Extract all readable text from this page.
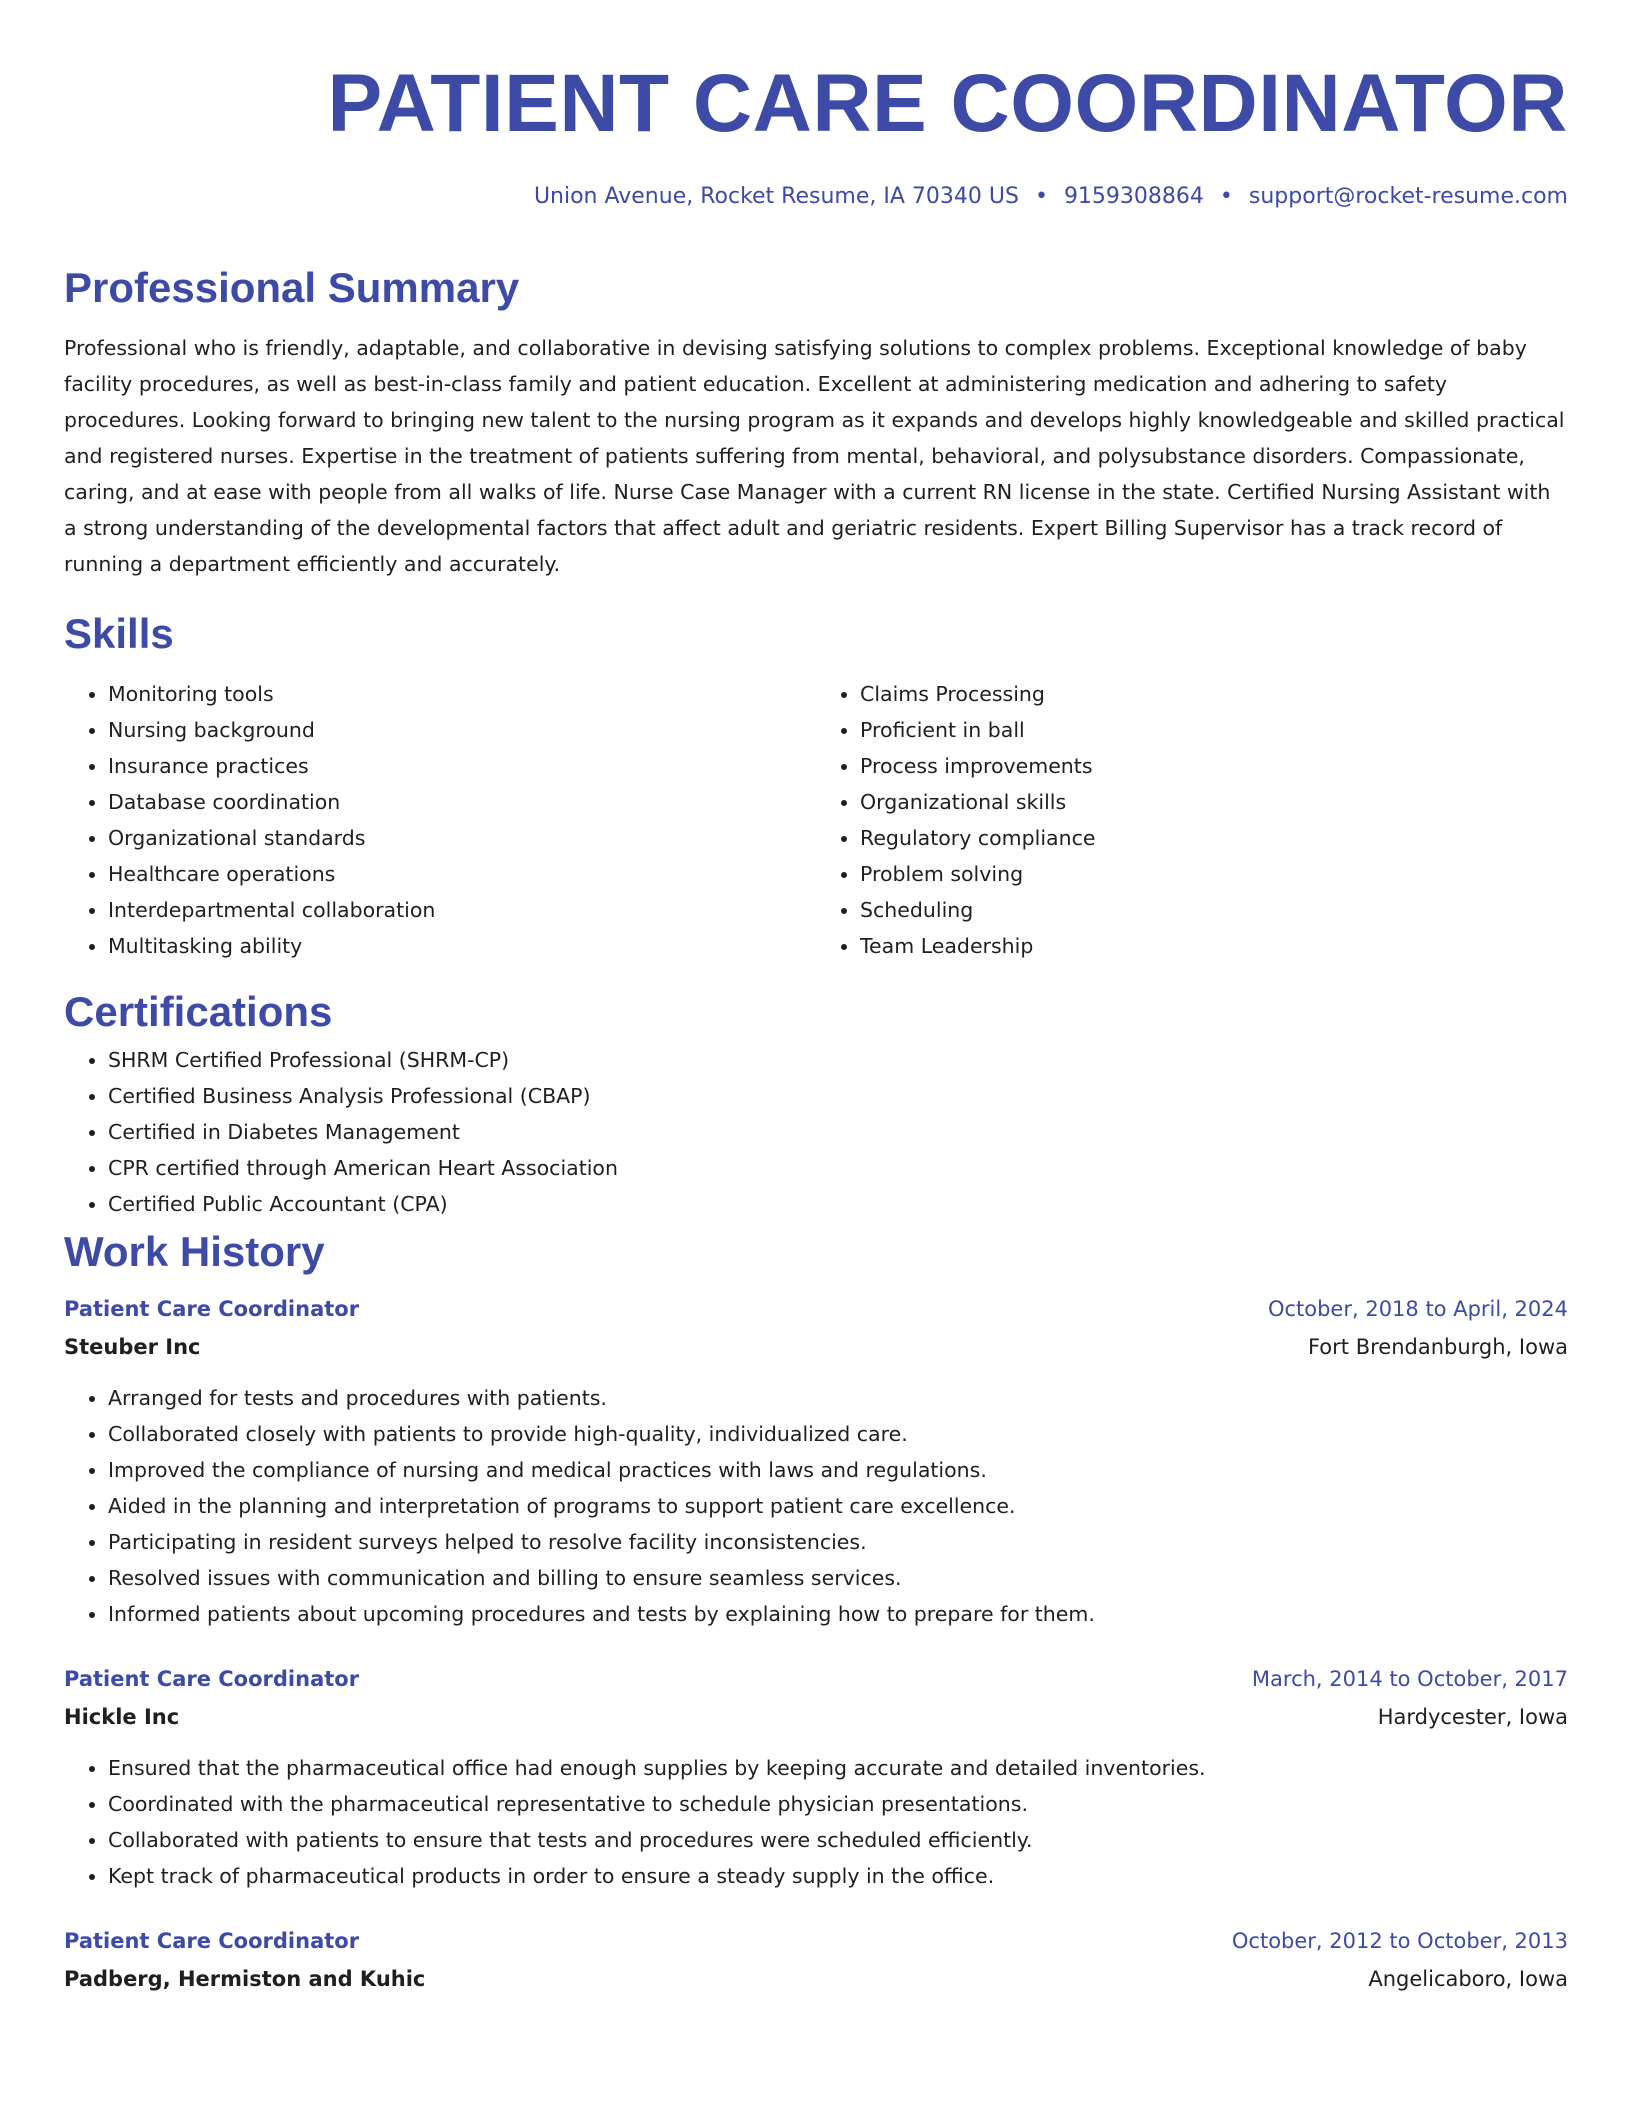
PATIENT CARE COORDINATOR
Union Avenue, Rocket Resume, IA 70340 US • 9159308864 • support@rocket-resume.com
Professional Summary

Professional who is friendly, adaptable, and collaborative in devising satisfying solutions to complex problems. Exceptional knowledge of baby facility procedures, as well as best-in-class family and patient education. Excellent at administering medication and adhering to safety procedures. Looking forward to bringing new talent to the nursing program as it expands and develops highly knowledgeable and skilled practical and registered nurses. Expertise in the treatment of patients suffering from mental, behavioral, and polysubstance disorders. Compassionate, caring, and at ease with people from all walks of life. Nurse Case Manager with a current RN license in the state. Certified Nursing Assistant with a strong understanding of the developmental factors that affect adult and geriatric residents. Expert Billing Supervisor has a track record of running a department efficiently and accurately.

Skills
• Monitoring tools
• Nursing background
• Insurance practices
• Database coordination
• Organizational standards
• Healthcare operations
• Interdepartmental collaboration
• Multitasking ability
• Claims Processing
• Proficient in ball
• Process improvements
• Organizational skills
• Regulatory compliance
• Problem solving
• Scheduling
• Team Leadership
Certifications
• SHRM Certified Professional (SHRM-CP)
• Certified Business Analysis Professional (CBAP)
• Certified in Diabetes Management
• CPR certified through American Heart Association
• Certified Public Accountant (CPA)
Work History
Patient Care Coordinator	October, 2018 to April, 2024
Steuber Inc	Fort Brendanburgh, Iowa
• Arranged for tests and procedures with patients.
• Collaborated closely with patients to provide high-quality, individualized care.
• Improved the compliance of nursing and medical practices with laws and regulations.
• Aided in the planning and interpretation of programs to support patient care excellence.
• Participating in resident surveys helped to resolve facility inconsistencies.
• Resolved issues with communication and billing to ensure seamless services.
• Informed patients about upcoming procedures and tests by explaining how to prepare for them.
Patient Care Coordinator	March, 2014 to October, 2017
Hickle Inc	Hardycester, Iowa
• Ensured that the pharmaceutical office had enough supplies by keeping accurate and detailed inventories.
• Coordinated with the pharmaceutical representative to schedule physician presentations.
• Collaborated with patients to ensure that tests and procedures were scheduled efficiently.
• Kept track of pharmaceutical products in order to ensure a steady supply in the office.
Patient Care Coordinator	October, 2012 to October, 2013
Padberg, Hermiston and Kuhic	Angelicaboro, Iowa
